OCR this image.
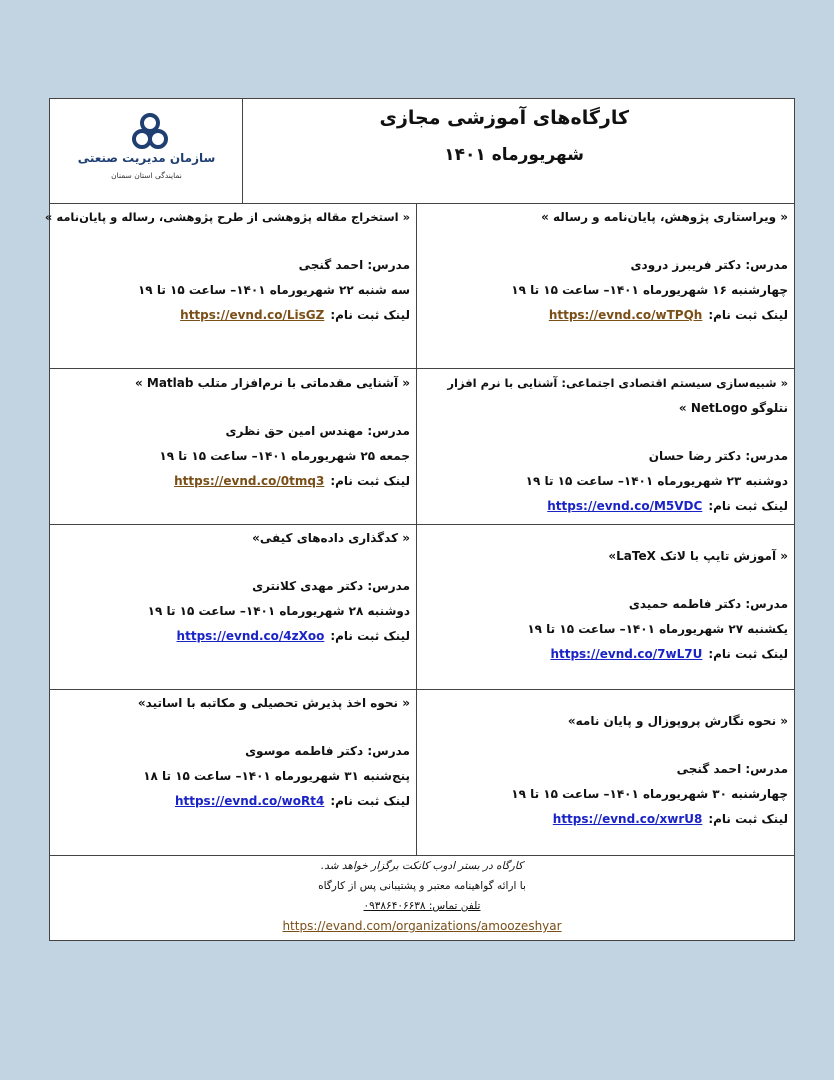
سازمان مدیریت صنعتی
نمایندگی استان سمنان
کارگاه‌های آموزشی مجازی
شهریورماه ۱۴۰۱
« ویراستاری پژوهش، پایان‌نامه و رساله »
مدرس: دکتر فریبرز درودی
چهارشنبه ۱۶ شهریورماه ۱۴۰۱– ساعت ۱۵ تا ۱۹
لینک ثبت نام:https://evnd.co/wTPQh
« استخراج مقاله پژوهشی از طرح پژوهشی، رساله و پایان‌نامه »
مدرس: احمد گنجی
سه شنبه ۲۲ شهریورماه ۱۴۰۱– ساعت ۱۵ تا ۱۹
لینک ثبت نام:https://evnd.co/LisGZ
« شبیه‌سازی سیستم اقتصادی اجتماعی: آشنایی با نرم افزار
نتلوگو NetLogo »
مدرس: دکتر رضا حسان
دوشنبه ۲۳ شهریورماه ۱۴۰۱– ساعت ۱۵ تا ۱۹
لینک ثبت نام:https://evnd.co/M5VDC
« آشنایی مقدماتی با نرم‌افزار متلب Matlab »
مدرس: مهندس امین حق نظری
جمعه ۲۵ شهریورماه ۱۴۰۱– ساعت ۱۵ تا ۱۹
لینک ثبت نام:https://evnd.co/0tmq3
« آموزش تایپ با لاتک LaTeX»
مدرس: دکتر فاطمه حمیدی
یکشنبه ۲۷ شهریورماه ۱۴۰۱– ساعت ۱۵ تا ۱۹
لینک ثبت نام:https://evnd.co/7wL7U
« کدگذاری داده‌های کیفی»
مدرس: دکتر مهدی کلانتری
دوشنبه ۲۸ شهریورماه ۱۴۰۱– ساعت ۱۵ تا ۱۹
لینک ثبت نام:https://evnd.co/4zXoo
« نحوه نگارش پروپوزال و پایان نامه»
مدرس: احمد گنجی
چهارشنبه ۳۰ شهریورماه ۱۴۰۱– ساعت ۱۵ تا ۱۹
لینک ثبت نام:https://evnd.co/xwrU8
« نحوه اخذ پذیرش تحصیلی و مکاتبه با اساتید»
مدرس: دکتر فاطمه موسوی
پنج‌شنبه ۳۱ شهریورماه ۱۴۰۱– ساعت ۱۵ تا ۱۸
لینک ثبت نام:https://evnd.co/woRt4
کارگاه در بستر ادوب کانکت برگزار خواهد شد.
با ارائه گواهینامه معتبر و پشتیبانی پس از کارگاه
تلفن تماس: ۰۹۳۸۶۴۰۶۶۳۸
https://evand.com/organizations/amoozeshyar
